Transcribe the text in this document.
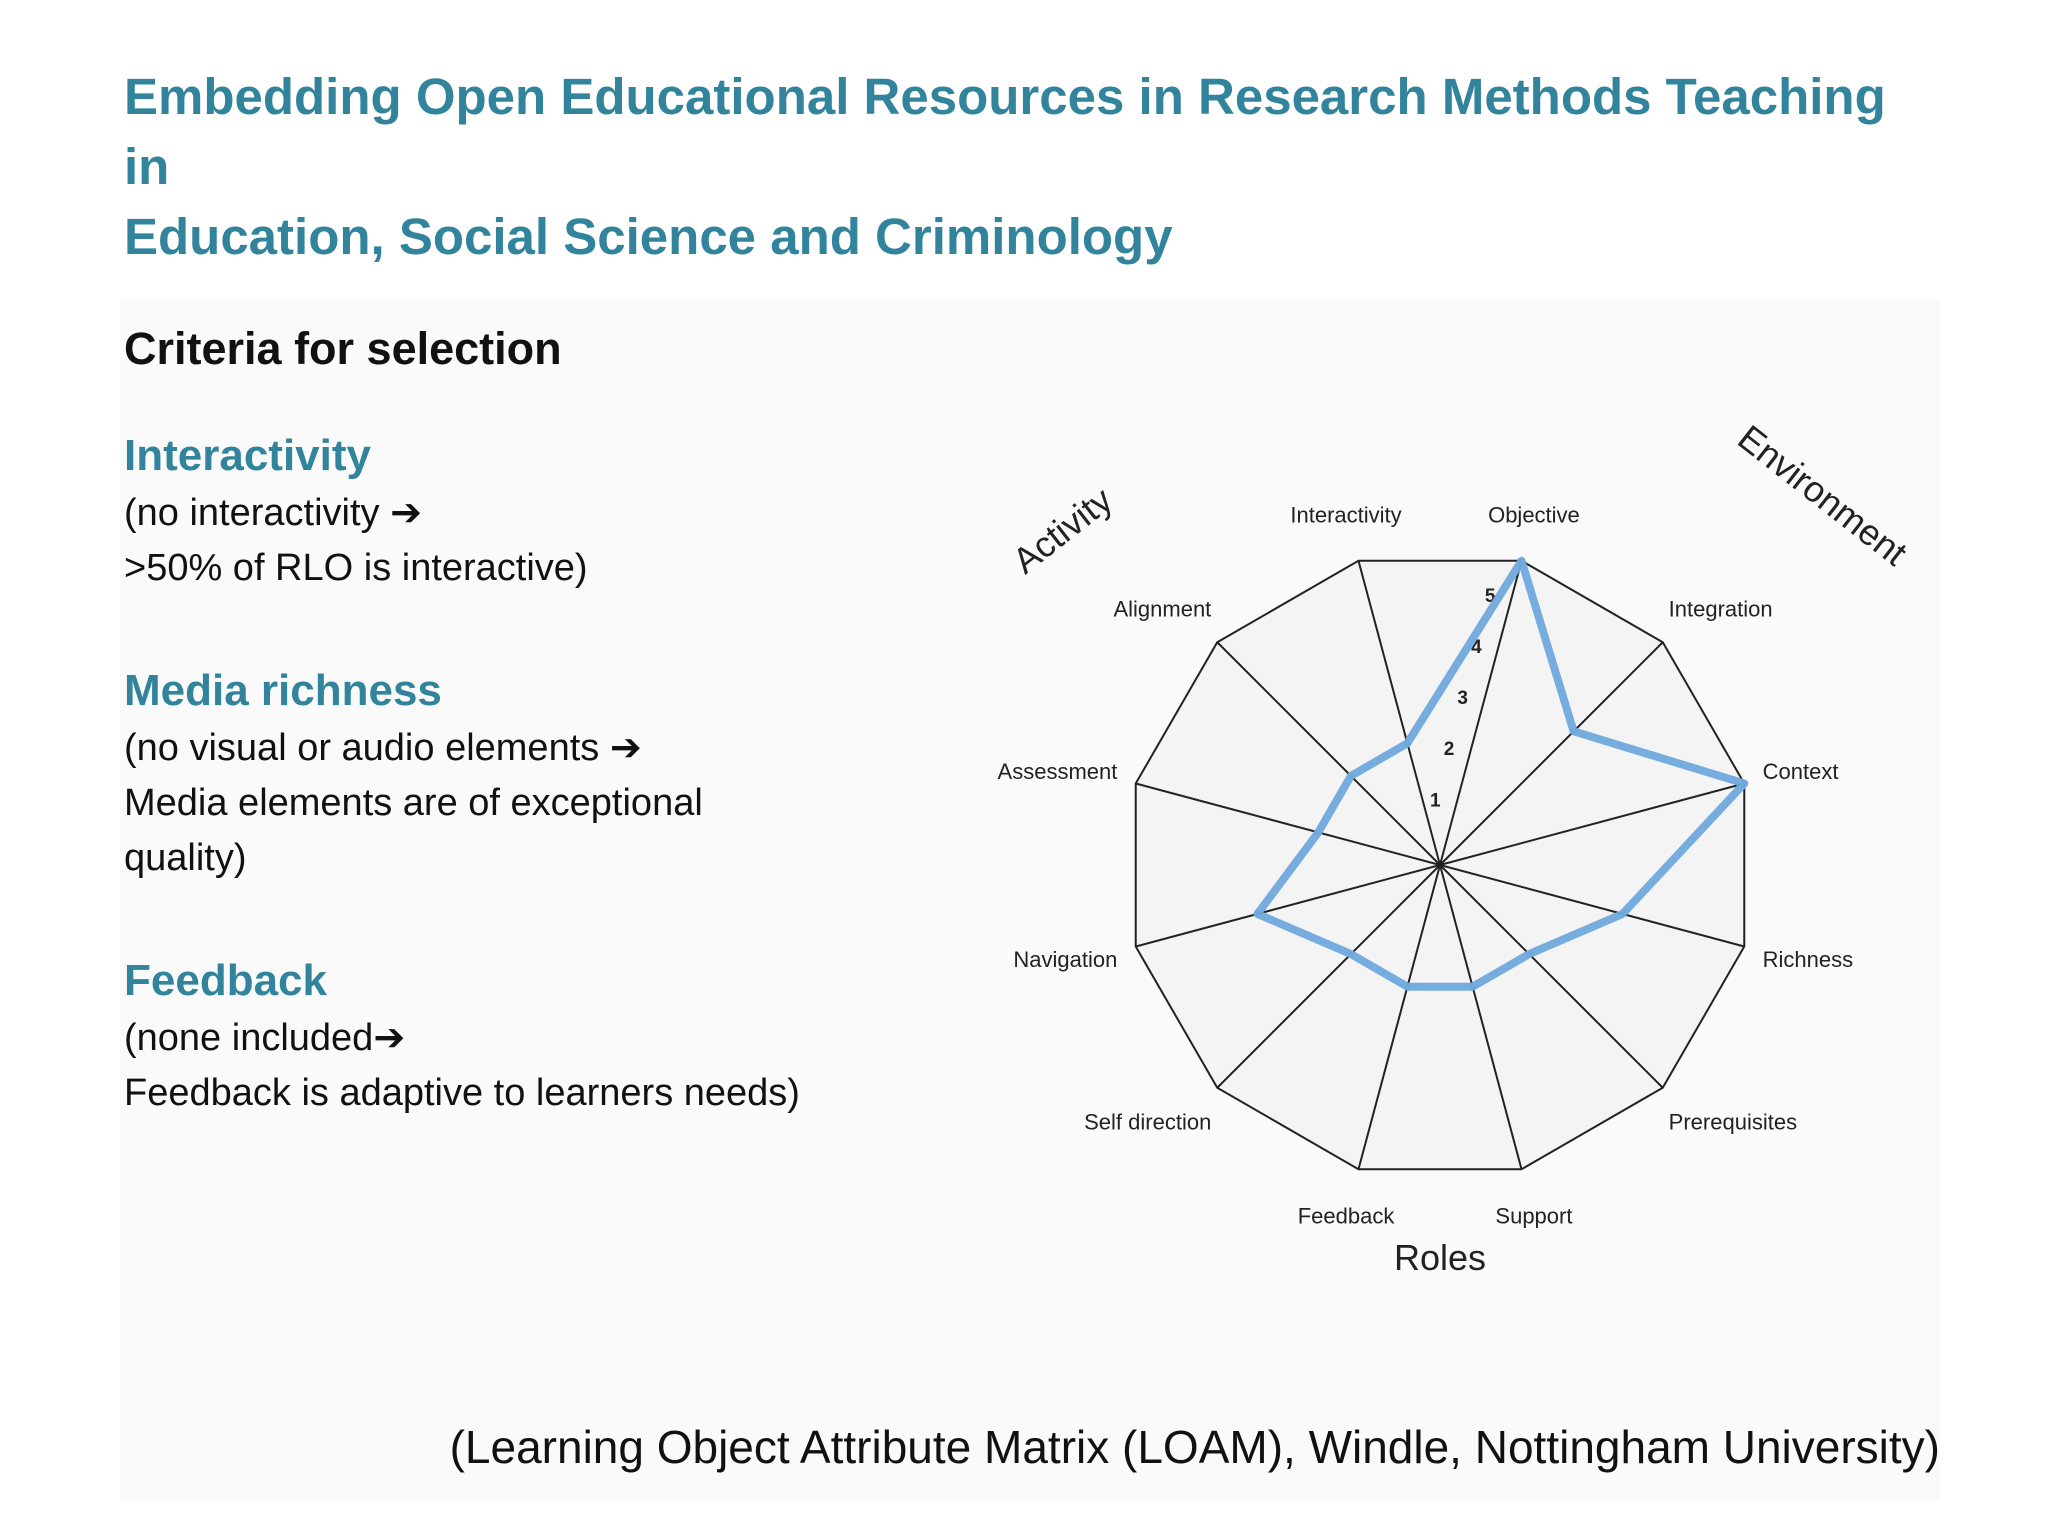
Embedding Open Educational Resources in Research Methods Teaching in
Education, Social Science and Criminology
Criteria for selection
Interactivity
(no interactivity ➔
>50% of RLO is interactive)
Media richness
(no visual or audio elements ➔
Media elements are of exceptional
quality)
Feedback
(none included➔
Feedback is adaptive to learners needs)
1
2
3
4
5
Objective
Integration
Context
Richness
Prerequisites
Support
Feedback
Self direction
Navigation
Assessment
Alignment
Interactivity
Activity	Environment
Roles
(Learning Object Attribute Matrix (LOAM), Windle, Nottingham University)
